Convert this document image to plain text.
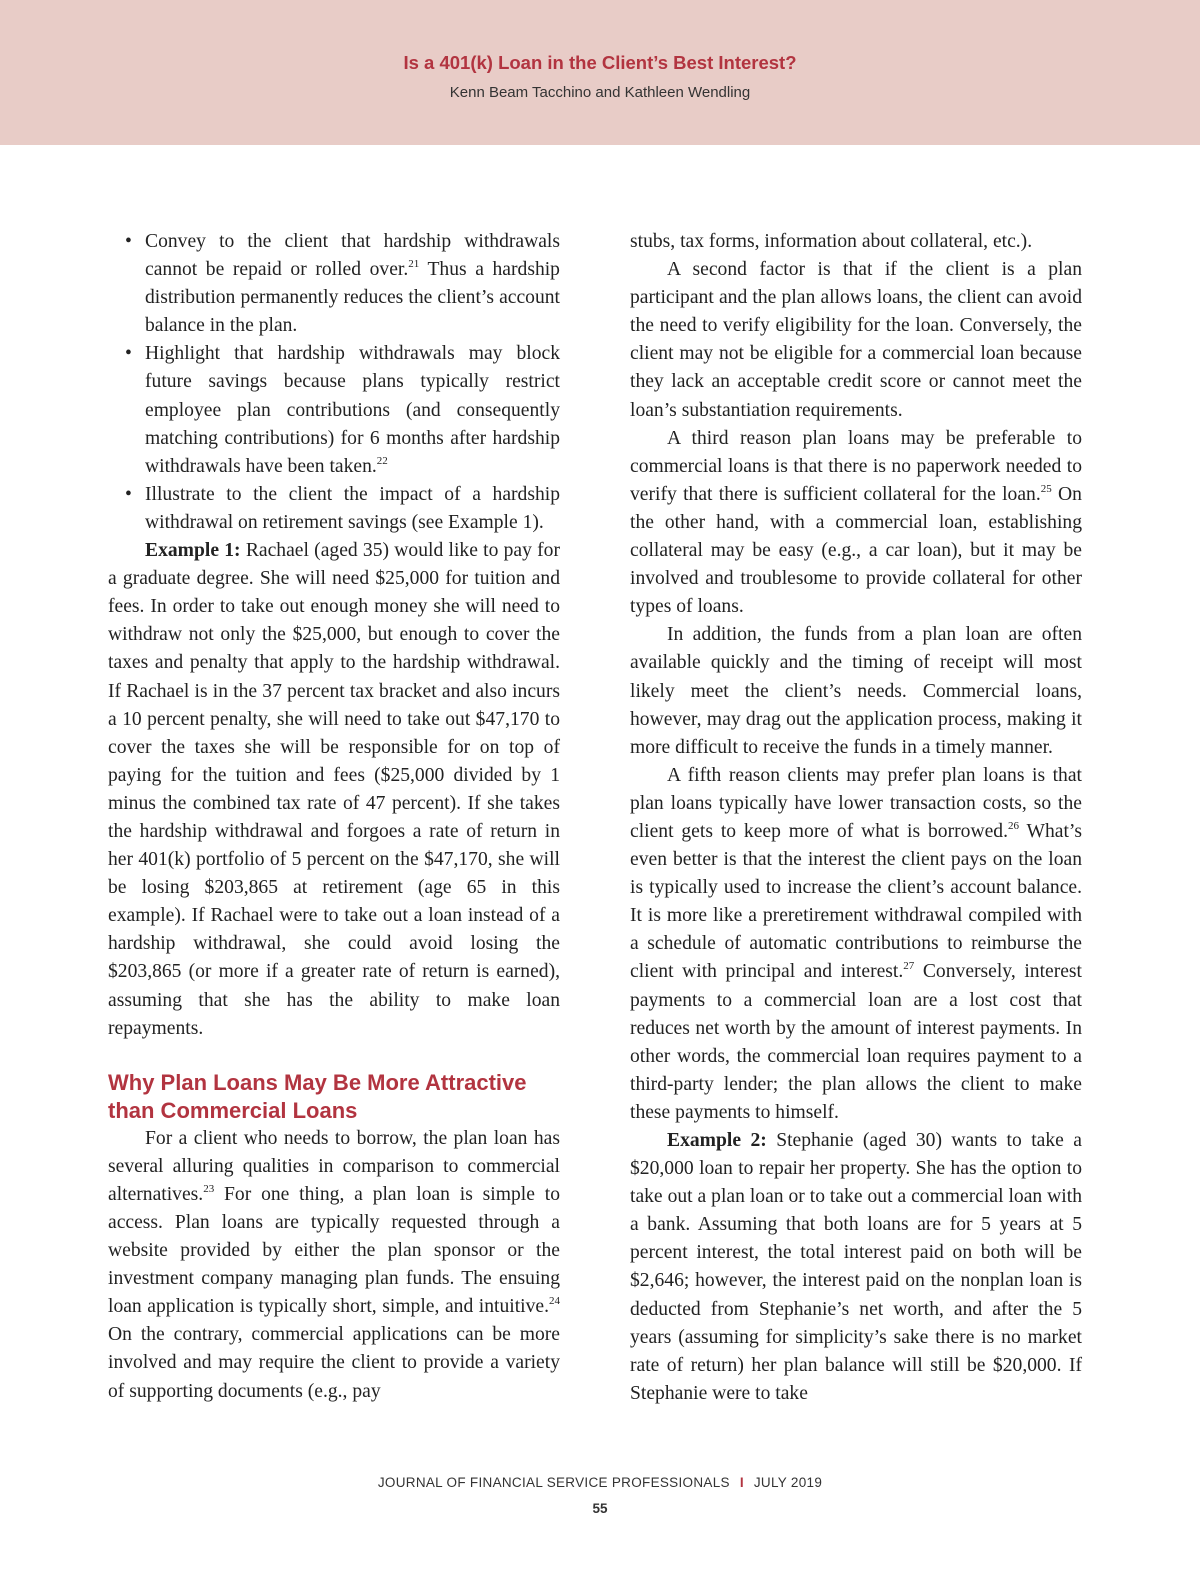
Is a 401(k) Loan in the Client’s Best Interest?
Kenn Beam Tacchino and Kathleen Wendling
• Convey to the client that hardship withdrawals cannot be repaid or rolled over.$^{21}$ Thus a hardship distribution permanently reduces the client’s account balance in the plan.
• Highlight that hardship withdrawals may block future savings because plans typically restrict employee plan contributions (and consequently matching contributions) for 6 months after hardship withdrawals have been taken.$^{22}$
• Illustrate to the client the impact of a hardship withdrawal on retirement savings (see Example 1).

Example 1: Rachael (aged 35) would like to pay for a graduate degree. She will need $25,000 for tuition and fees. In order to take out enough money she will need to withdraw not only the $25,000, but enough to cover the taxes and penalty that apply to the hardship withdrawal. If Rachael is in the 37 percent tax bracket and also incurs a 10 percent penalty, she will need to take out $47,170 to cover the taxes she will be responsible for on top of paying for the tuition and fees ($25,000 divided by 1 minus the combined tax rate of 47 percent). If she takes the hardship withdrawal and forgoes a rate of return in her 401(k) portfolio of 5 percent on the $47,170, she will be losing $203,865 at retirement (age 65 in this example). If Rachael were to take out a loan instead of a hardship withdrawal, she could avoid losing the $203,865 (or more if a greater rate of return is earned), assuming that she has the ability to make loan repayments.

Why Plan Loans May Be More Attractive than Commercial Loans

For a client who needs to borrow, the plan loan has several alluring qualities in comparison to commercial alternatives.$^{23}$ For one thing, a plan loan is simple to access. Plan loans are typically requested through a website provided by either the plan sponsor or the investment company managing plan funds. The ensuing loan application is typically short, simple, and intuitive.$^{24}$ On the contrary, commercial applications can be more involved and may require the client to provide a variety of supporting documents (e.g., pay

stubs, tax forms, information about collateral, etc.).

A second factor is that if the client is a plan participant and the plan allows loans, the client can avoid the need to verify eligibility for the loan. Conversely, the client may not be eligible for a commercial loan because they lack an acceptable credit score or cannot meet the loan’s substantiation requirements.

A third reason plan loans may be preferable to commercial loans is that there is no paperwork needed to verify that there is sufficient collateral for the loan.$^{25}$ On the other hand, with a commercial loan, establishing collateral may be easy (e.g., a car loan), but it may be involved and troublesome to provide collateral for other types of loans.

In addition, the funds from a plan loan are often available quickly and the timing of receipt will most likely meet the client’s needs. Commercial loans, however, may drag out the application process, making it more difficult to receive the funds in a timely manner.

A fifth reason clients may prefer plan loans is that plan loans typically have lower transaction costs, so the client gets to keep more of what is borrowed.$^{26}$ What’s even better is that the interest the client pays on the loan is typically used to increase the client’s account balance. It is more like a preretirement withdrawal compiled with a schedule of automatic contributions to reimburse the client with principal and interest.$^{27}$ Conversely, interest payments to a commercial loan are a lost cost that reduces net worth by the amount of interest payments. In other words, the commercial loan requires payment to a third-party lender; the plan allows the client to make these payments to himself.

Example 2: Stephanie (aged 30) wants to take a $20,000 loan to repair her property. She has the option to take out a plan loan or to take out a commercial loan with a bank. Assuming that both loans are for 5 years at 5 percent interest, the total interest paid on both will be $2,646; however, the interest paid on the nonplan loan is deducted from Stephanie’s net worth, and after the 5 years (assuming for simplicity’s sake there is no market rate of return) her plan balance will still be $20,000. If Stephanie were to take

JOURNAL OF FINANCIAL SERVICE PROFESSIONALS I JULY 2019
55
